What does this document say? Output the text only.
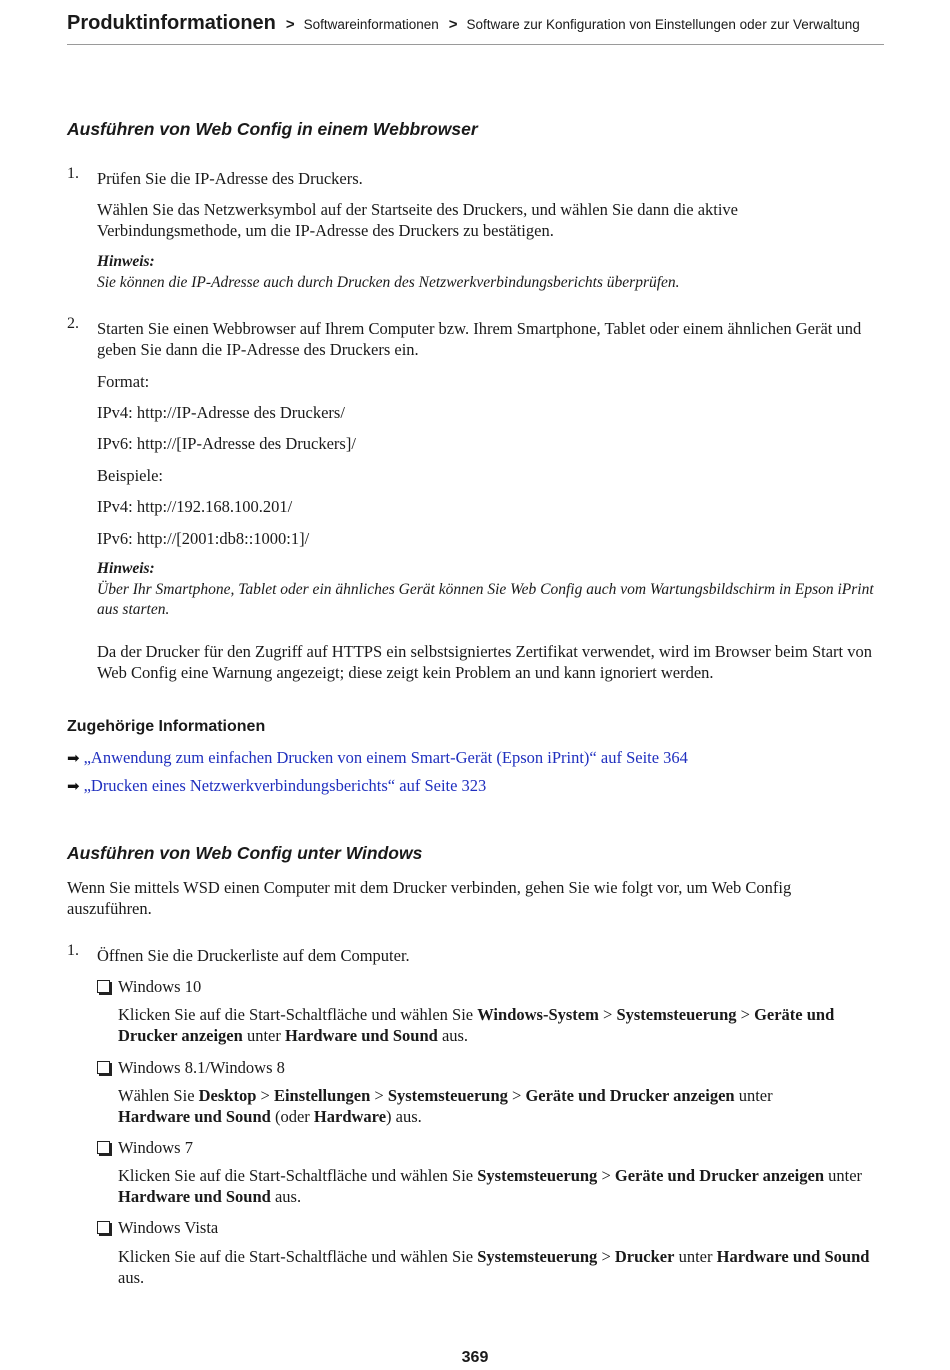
Produktinformationen > Softwareinformationen > Software zur Konfiguration von Einstellungen oder zur Verwaltung
Ausführen von Web Config in einem Webbrowser
1. Prüfen Sie die IP-Adresse des Druckers.
Wählen Sie das Netzwerksymbol auf der Startseite des Druckers, und wählen Sie dann die aktive Verbindungsmethode, um die IP-Adresse des Druckers zu bestätigen.
Hinweis:
Sie können die IP-Adresse auch durch Drucken des Netzwerkverbindungsberichts überprüfen.
2. Starten Sie einen Webbrowser auf Ihrem Computer bzw. Ihrem Smartphone, Tablet oder einem ähnlichen Gerät und geben Sie dann die IP-Adresse des Druckers ein.
Format:
IPv4: http://IP-Adresse des Druckers/
IPv6: http://[IP-Adresse des Druckers]/
Beispiele:
IPv4: http://192.168.100.201/
IPv6: http://[2001:db8::1000:1]/
Hinweis:
Über Ihr Smartphone, Tablet oder ein ähnliches Gerät können Sie Web Config auch vom Wartungsbildschirm in Epson iPrint aus starten.
Da der Drucker für den Zugriff auf HTTPS ein selbstsigniertes Zertifikat verwendet, wird im Browser beim Start von Web Config eine Warnung angezeigt; diese zeigt kein Problem an und kann ignoriert werden.
Zugehörige Informationen
➡ „Anwendung zum einfachen Drucken von einem Smart-Gerät (Epson iPrint)“ auf Seite 364
➡ „Drucken eines Netzwerkverbindungsberichts“ auf Seite 323
Ausführen von Web Config unter Windows
Wenn Sie mittels WSD einen Computer mit dem Drucker verbinden, gehen Sie wie folgt vor, um Web Config auszuführen.
1. Öffnen Sie die Druckerliste auf dem Computer.
Windows 10
Klicken Sie auf die Start-Schaltfläche und wählen Sie Windows-System > Systemsteuerung > Geräte und Drucker anzeigen unter Hardware und Sound aus.
Windows 8.1/Windows 8
Wählen Sie Desktop > Einstellungen > Systemsteuerung > Geräte und Drucker anzeigen unter Hardware und Sound (oder Hardware) aus.
Windows 7
Klicken Sie auf die Start-Schaltfläche und wählen Sie Systemsteuerung > Geräte und Drucker anzeigen unter Hardware und Sound aus.
Windows Vista
Klicken Sie auf die Start-Schaltfläche und wählen Sie Systemsteuerung > Drucker unter Hardware und Sound aus.
369
